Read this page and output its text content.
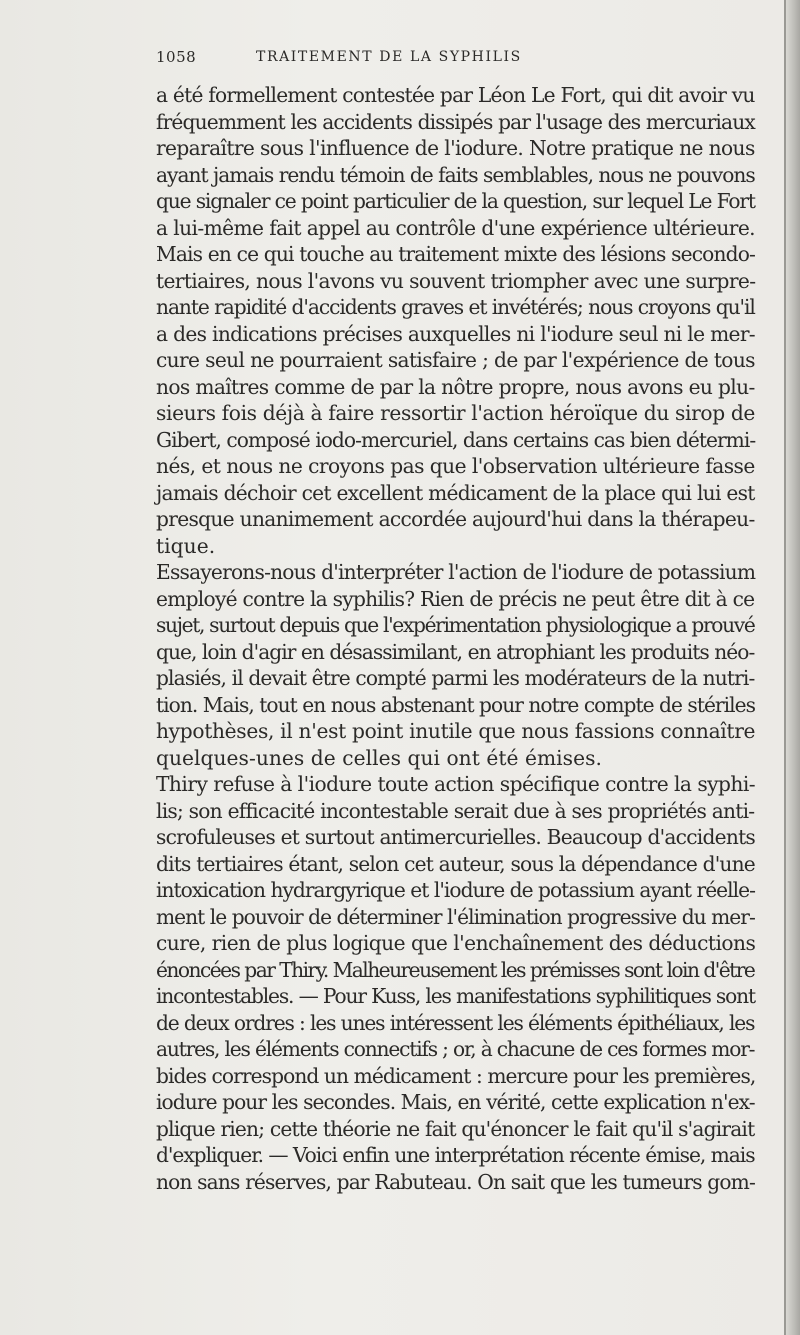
1058	TRAITEMENT DE LA SYPHILIS
a été formellement contestée par Léon Le Fort, qui dit avoir vu
fréquemment les accidents dissipés par l'usage des mercuriaux
reparaître sous l'influence de l'iodure. Notre pratique ne nous
ayant jamais rendu témoin de faits semblables, nous ne pouvons
que signaler ce point particulier de la question, sur lequel Le Fort
a lui-même fait appel au contrôle d'une expérience ultérieure.
Mais en ce qui touche au traitement mixte des lésions secondo-
tertiaires, nous l'avons vu souvent triompher avec une surpre-
nante rapidité d'accidents graves et invétérés; nous croyons qu'il
a des indications précises auxquelles ni l'iodure seul ni le mer-
cure seul ne pourraient satisfaire ; de par l'expérience de tous
nos maîtres comme de par la nôtre propre, nous avons eu plu-
sieurs fois déjà à faire ressortir l'action héroïque du sirop de
Gibert, composé iodo-mercuriel, dans certains cas bien détermi-
nés, et nous ne croyons pas que l'observation ultérieure fasse
jamais déchoir cet excellent médicament de la place qui lui est
presque unanimement accordée aujourd'hui dans la thérapeu-
tique.
Essayerons-nous d'interpréter l'action de l'iodure de potassium
employé contre la syphilis? Rien de précis ne peut être dit à ce
sujet, surtout depuis que l'expérimentation physiologique a prouvé
que, loin d'agir en désassimilant, en atrophiant les produits néo-
plasiés, il devait être compté parmi les modérateurs de la nutri-
tion. Mais, tout en nous abstenant pour notre compte de stériles
hypothèses, il n'est point inutile que nous fassions connaître
quelques-unes de celles qui ont été émises.
Thiry refuse à l'iodure toute action spécifique contre la syphi-
lis; son efficacité incontestable serait due à ses propriétés anti-
scrofuleuses et surtout antimercurielles. Beaucoup d'accidents
dits tertiaires étant, selon cet auteur, sous la dépendance d'une
intoxication hydrargyrique et l'iodure de potassium ayant réelle-
ment le pouvoir de déterminer l'élimination progressive du mer-
cure, rien de plus logique que l'enchaînement des déductions
énoncées par Thiry. Malheureusement les prémisses sont loin d'être
incontestables. — Pour Kuss, les manifestations syphilitiques sont
de deux ordres : les unes intéressent les éléments épithéliaux, les
autres, les éléments connectifs ; or, à chacune de ces formes mor-
bides correspond un médicament : mercure pour les premières,
iodure pour les secondes. Mais, en vérité, cette explication n'ex-
plique rien; cette théorie ne fait qu'énoncer le fait qu'il s'agirait
d'expliquer. — Voici enfin une interprétation récente émise, mais
non sans réserves, par Rabuteau. On sait que les tumeurs gom-
